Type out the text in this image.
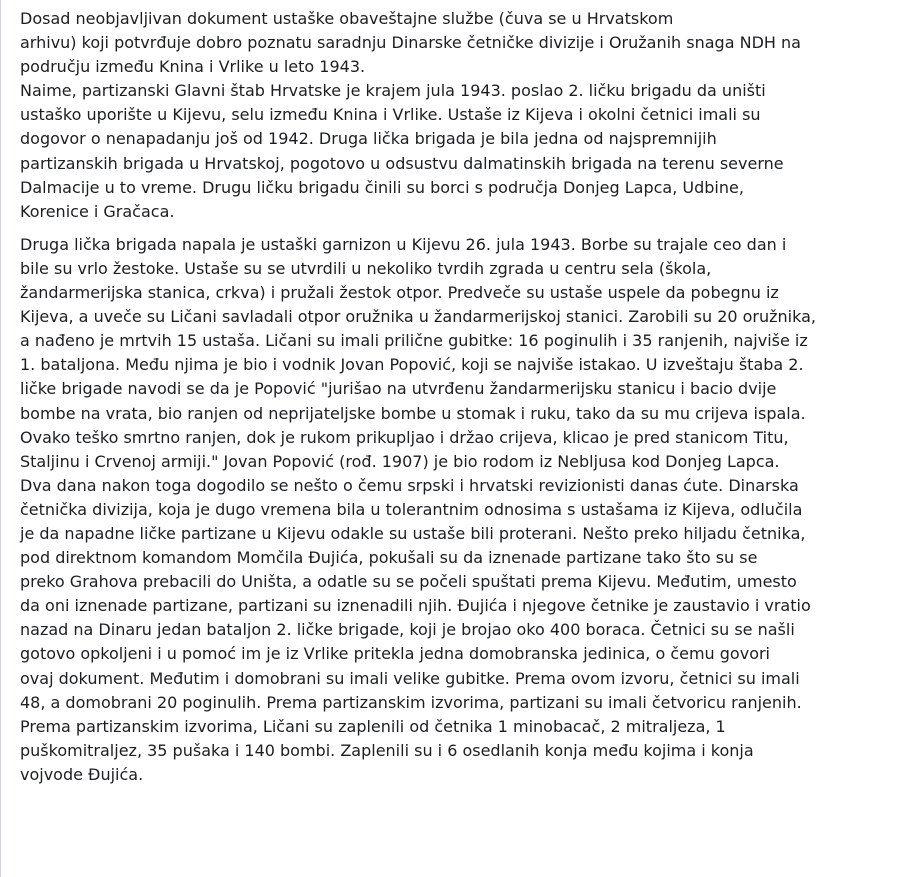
Dosad neobjavljivan dokument ustaške obaveštajne službe (čuva se u Hrvatskom
arhivu) koji potvrđuje dobro poznatu saradnju Dinarske četničke divizije i Oružanih snaga NDH na
području između Knina i Vrlike u leto 1943.
Naime, partizanski Glavni štab Hrvatske je krajem jula 1943. poslao 2. ličku brigadu da uništi
ustaško uporište u Kijevu, selu između Knina i Vrlike. Ustaše iz Kijeva i okolni četnici imali su
dogovor o nenapadanju još od 1942. Druga lička brigada je bila jedna od najspremnijih
partizanskih brigada u Hrvatskoj, pogotovo u odsustvu dalmatinskih brigada na terenu severne
Dalmacije u to vreme. Drugu ličku brigadu činili su borci s područja Donjeg Lapca, Udbine,
Korenice i Gračaca.

Druga lička brigada napala je ustaški garnizon u Kijevu 26. jula 1943. Borbe su trajale ceo dan i
bile su vrlo žestoke. Ustaše su se utvrdili u nekoliko tvrdih zgrada u centru sela (škola,
žandarmerijska stanica, crkva) i pružali žestok otpor. Predveče su ustaše uspele da pobegnu iz
Kijeva, a uveče su Ličani savladali otpor oružnika u žandarmerijskoj stanici. Zarobili su 20 oružnika,
a nađeno je mrtvih 15 ustaša. Ličani su imali prilične gubitke: 16 poginulih i 35 ranjenih, najviše iz
1. bataljona. Među njima je bio i vodnik Jovan Popović, koji se najviše istakao. U izveštaju štaba 2.
ličke brigade navodi se da je Popović "jurišao na utvrđenu žandarmerijsku stanicu i bacio dvije
bombe na vrata, bio ranjen od neprijateljske bombe u stomak i ruku, tako da su mu crijeva ispala.
Ovako teško smrtno ranjen, dok je rukom prikupljao i držao crijeva, klicao je pred stanicom Titu,
Staljinu i Crvenoj armiji." Jovan Popović (rođ. 1907) je bio rodom iz Nebljusa kod Donjeg Lapca.
Dva dana nakon toga dogodilo se nešto o čemu srpski i hrvatski revizionisti danas ćute. Dinarska
četnička divizija, koja je dugo vremena bila u tolerantnim odnosima s ustašama iz Kijeva, odlučila
je da napadne ličke partizane u Kijevu odakle su ustaše bili proterani. Nešto preko hiljadu četnika,
pod direktnom komandom Momčila Đujića, pokušali su da iznenade partizane tako što su se
preko Grahova prebacili do Uništa, a odatle su se počeli spuštati prema Kijevu. Međutim, umesto
da oni iznenade partizane, partizani su iznenadili njih. Đujića i njegove četnike je zaustavio i vratio
nazad na Dinaru jedan bataljon 2. ličke brigade, koji je brojao oko 400 boraca. Četnici su se našli
gotovo opkoljeni i u pomoć im je iz Vrlike pritekla jedna domobranska jedinica, o čemu govori
ovaj dokument. Međutim i domobrani su imali velike gubitke. Prema ovom izvoru, četnici su imali
48, a domobrani 20 poginulih. Prema partizanskim izvorima, partizani su imali četvoricu ranjenih.
Prema partizanskim izvorima, Ličani su zaplenili od četnika 1 minobacač, 2 mitraljeza, 1
puškomitraljez, 35 pušaka i 140 bombi. Zaplenili su i 6 osedlanih konja među kojima i konja
vojvode Đujića.
